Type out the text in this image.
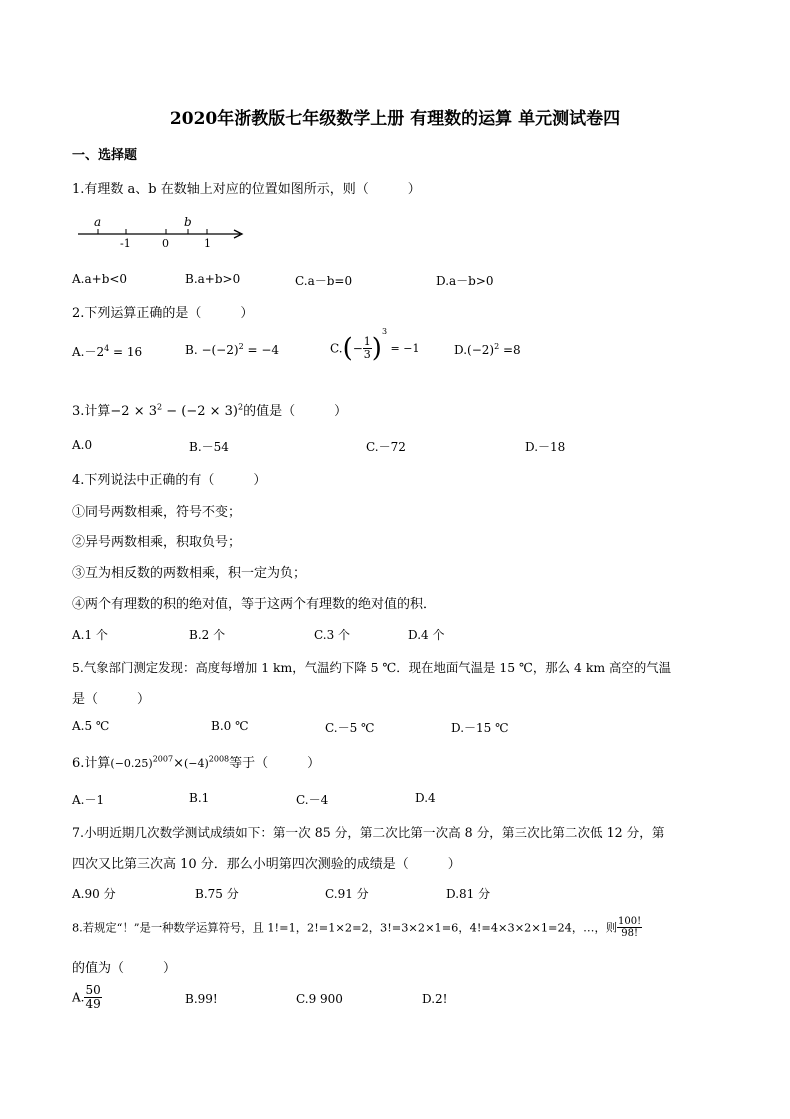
2020年浙教版七年级数学上册 有理数的运算 单元测试卷四
一、选择题
1.有理数 a、b 在数轴上对应的位置如图所示，则（　　　）
a	b
-1	0	1
A.a+b<0	B.a+b>0	C.a－b=0	D.a－b>0
2.下列运算正确的是（　　　）
$A.-2^4 = 16$	B. $-(-2)^2 = -4$	$C.(- \frac{1}{3} )^3 = -1$	$D.(-2)^2 =8$
3.计算$-2 \times 3^2 - (-2 \times 3)^2$的值是（　　　）
A.0	B.－54	C.－72	D.－18
4.下列说法中正确的有（　　　）
①同号两数相乘，符号不变；
②异号两数相乘，积取负号；
③互为相反数的两数相乘，积一定为负；
④两个有理数的积的绝对值，等于这两个有理数的绝对值的积．
A.1 个	B.2 个	C.3 个	D.4 个
5.气象部门测定发现：高度每增加 1 km，气温约下降 5 ℃．现在地面气温是 15 ℃，那么 4 km 高空的气温
是（　　　）
A.5 ℃	B.0 ℃	C.－5 ℃	D.－15 ℃
6.计算$(-0.25)^{2007}\times(-4)^{2008}$等于（　　　）
A.－1	B.1	C.－4	D.4
7.小明近期几次数学测试成绩如下：第一次 85 分，第二次比第一次高 8 分，第三次比第二次低 12 分，第
四次又比第三次高 10 分．那么小明第四次测验的成绩是（　　　）
A.90 分	B.75 分	C.91 分	D.81 分
8.若规定“！”是一种数学运算符号，且 1!=1，2!=1×2=2，3!=3×2×1=6，4!=4×3×2×1=24，…，则 $\frac{100!}{98!}$
的值为（　　　）
A. $\frac{50}{49}$	B.99!	C.9 900	D.2!
